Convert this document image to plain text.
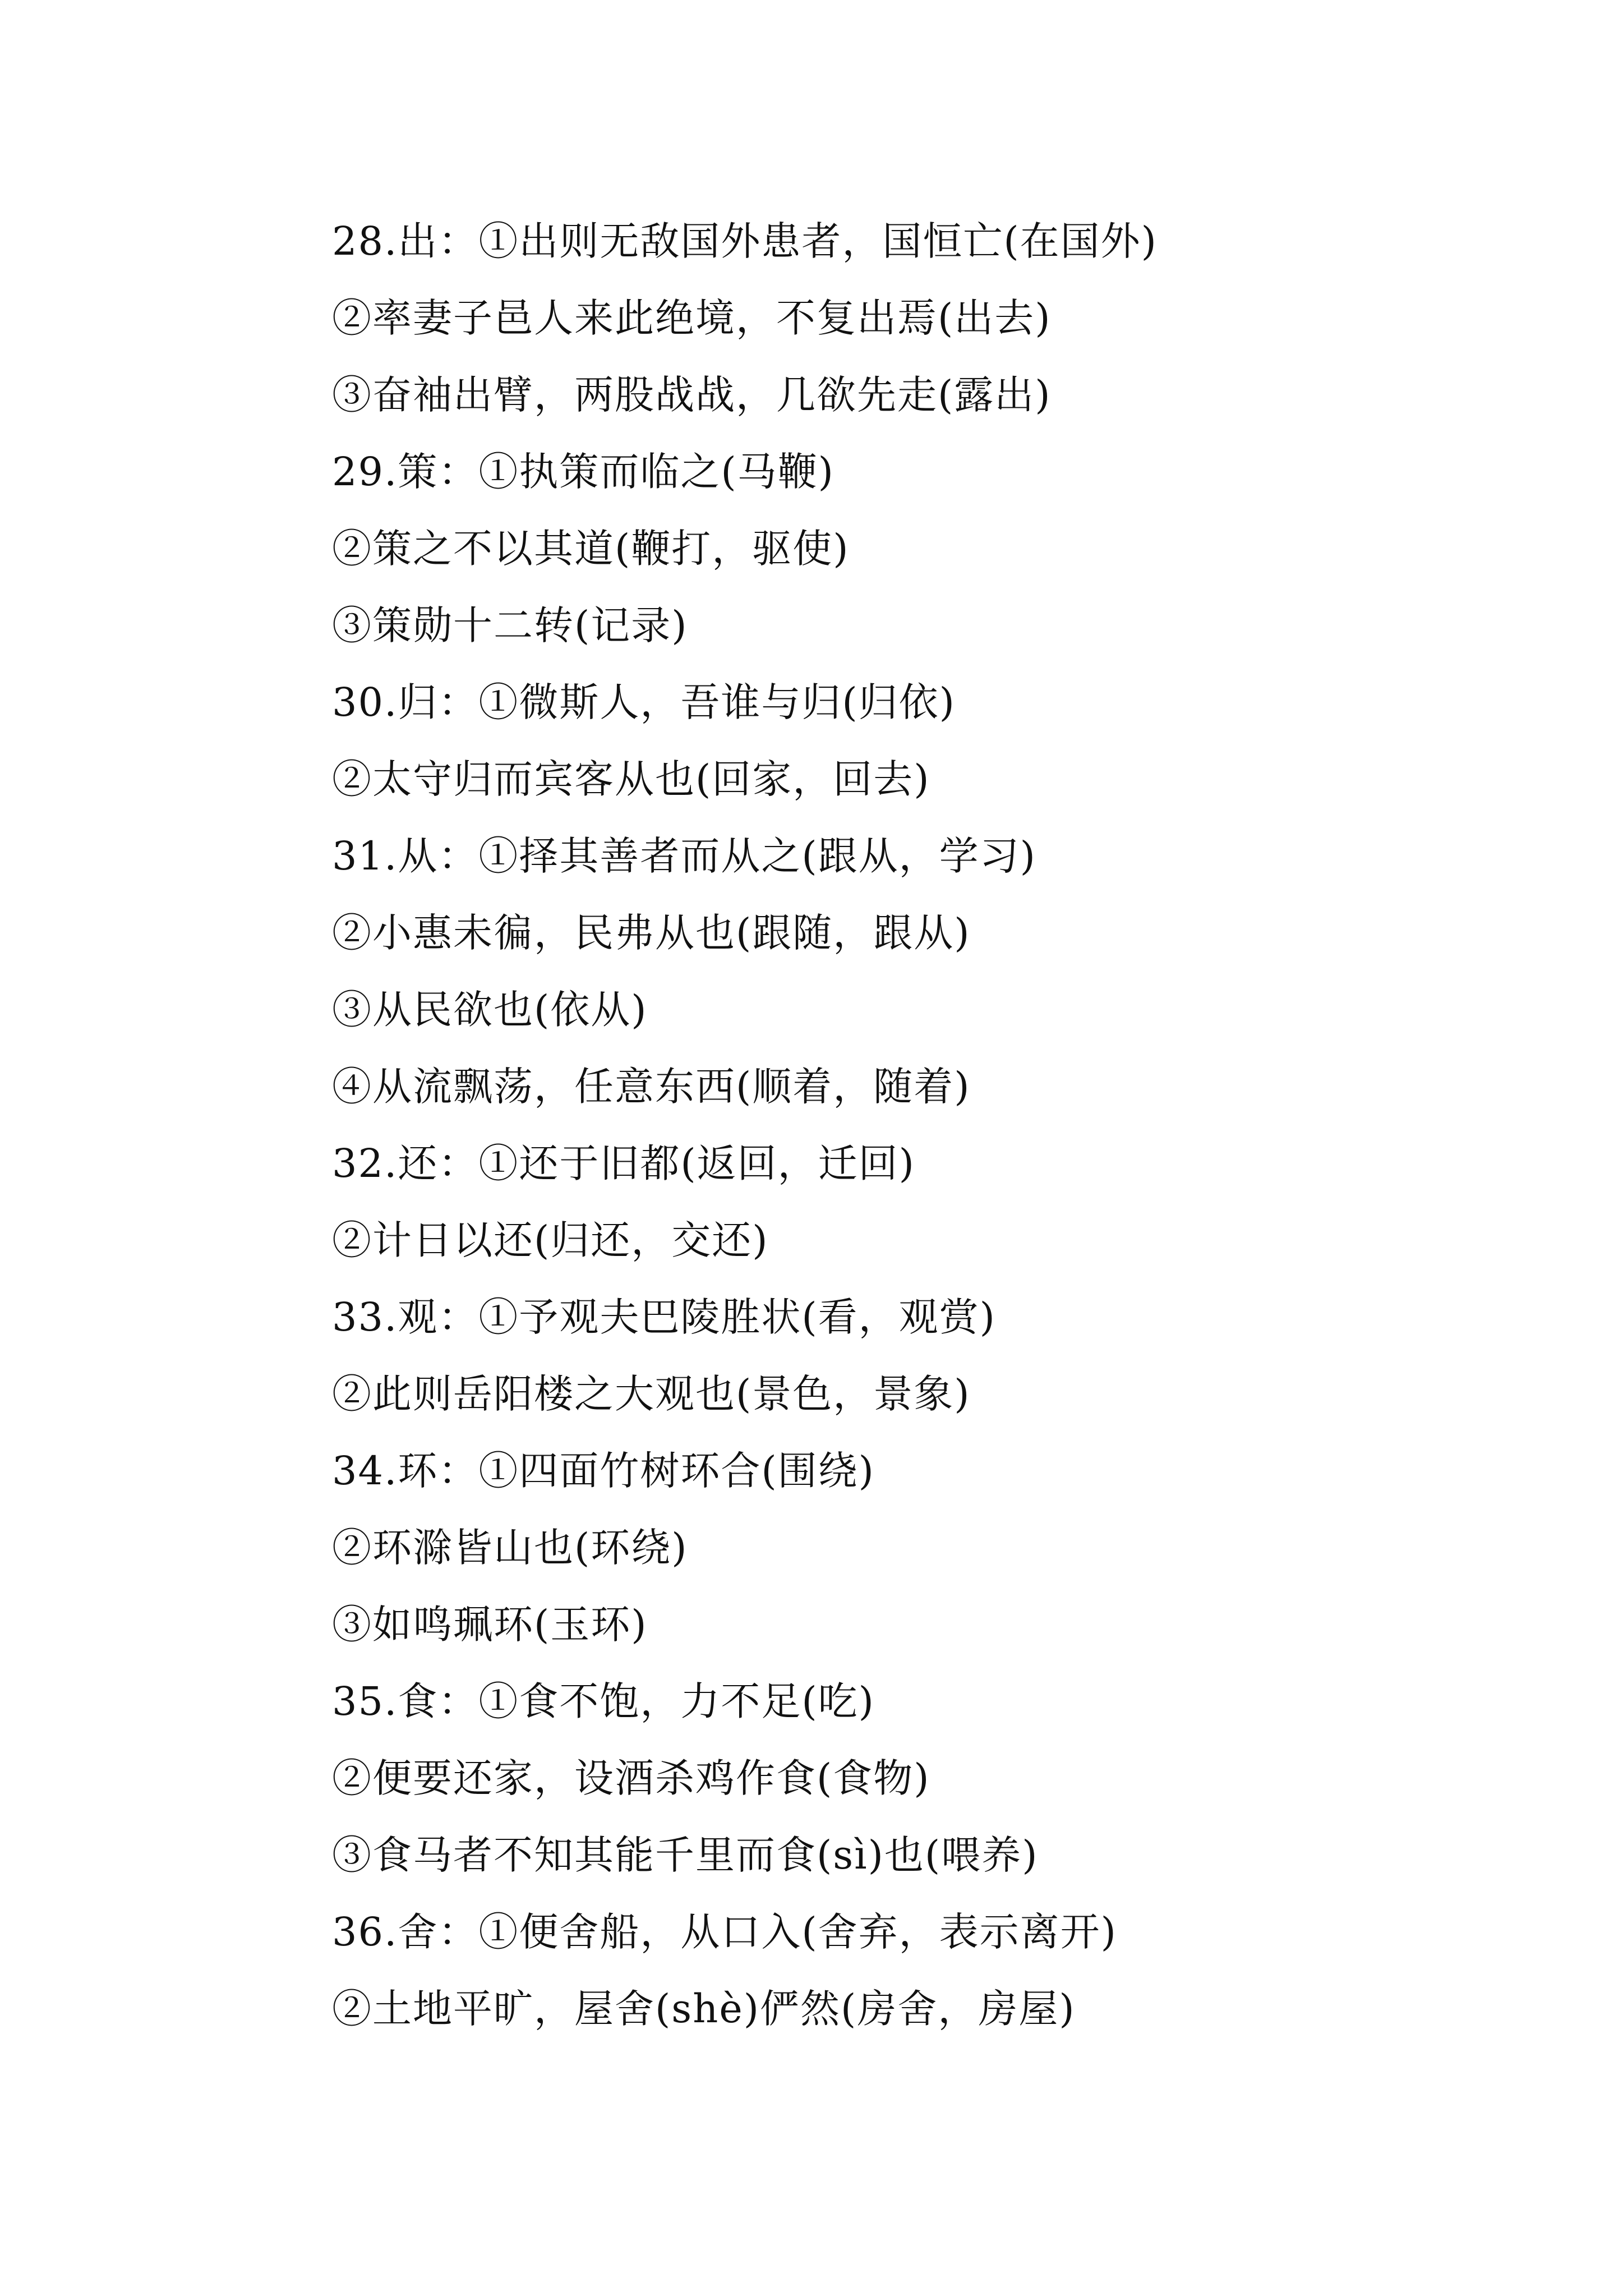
28.出：①出则无敌国外患者，国恒亡(在国外)
②率妻子邑人来此绝境，不复出焉(出去)
③奋袖出臂，两股战战，几欲先走(露出)
29.策：①执策而临之(马鞭)
②策之不以其道(鞭打，驱使)
③策勋十二转(记录)
30.归：①微斯人，吾谁与归(归依)
②太守归而宾客从也(回家，回去)
31.从：①择其善者而从之(跟从，学习)
②小惠未徧，民弗从也(跟随，跟从)
③从民欲也(依从)
④从流飘荡，任意东西(顺着，随着)
32.还：①还于旧都(返回，迁回)
②计日以还(归还，交还)
33.观：①予观夫巴陵胜状(看，观赏)
②此则岳阳楼之大观也(景色，景象)
34.环：①四面竹树环合(围绕)
②环滁皆山也(环绕)
③如鸣珮环(玉环)
35.食：①食不饱，力不足(吃)
②便要还家，设酒杀鸡作食(食物)
③食马者不知其能千里而食(sì)也(喂养)
36.舍：①便舍船，从口入(舍弃，表示离开)
②土地平旷，屋舍(shè)俨然(房舍，房屋)
